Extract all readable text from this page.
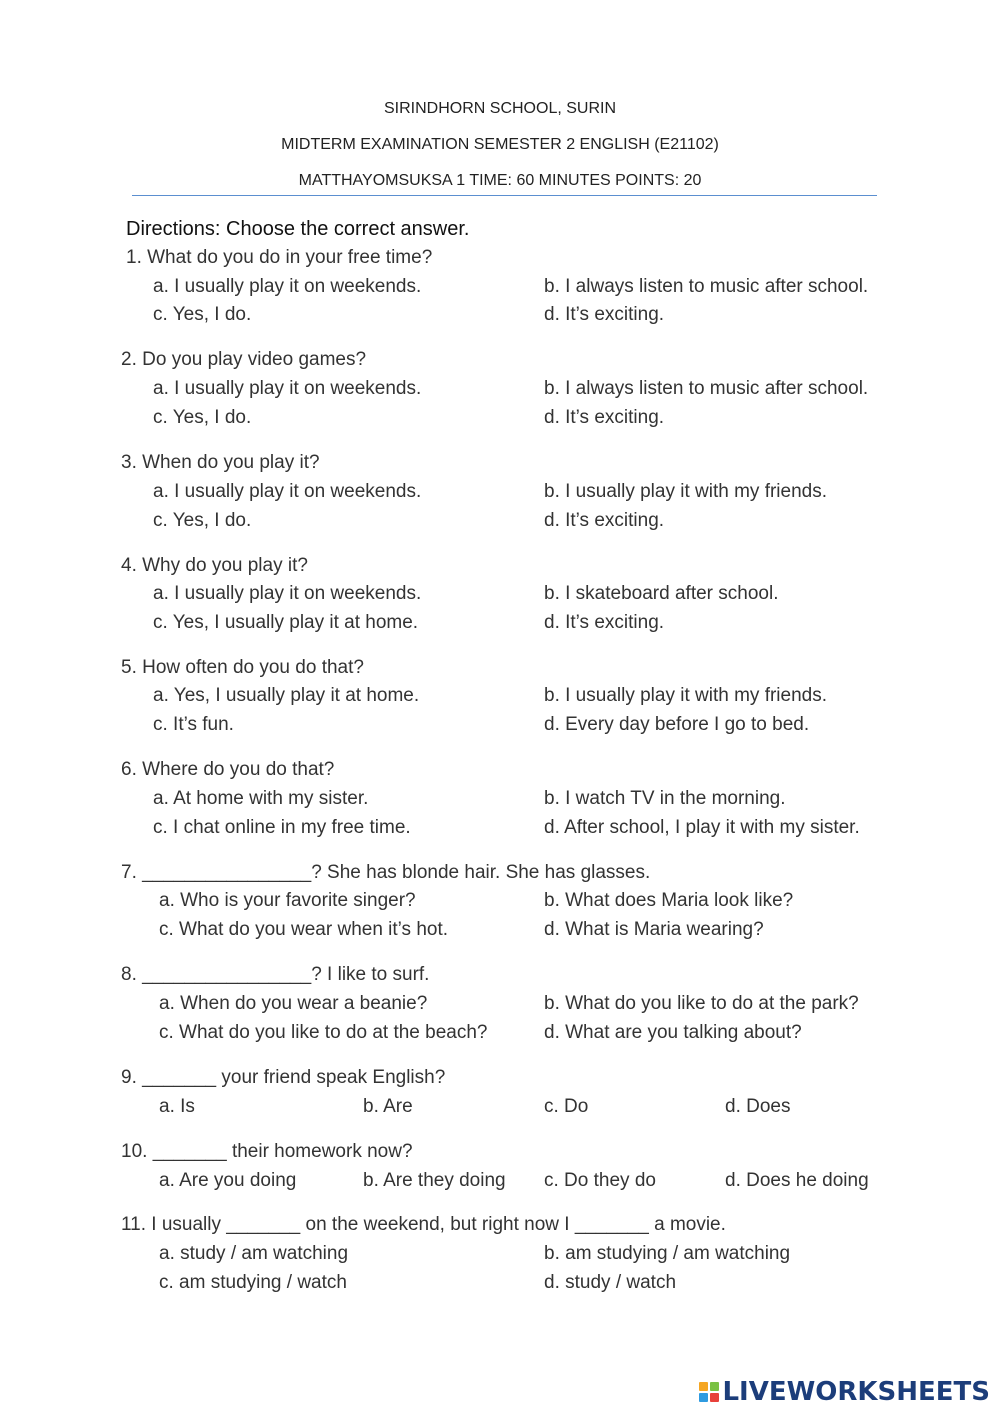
SIRINDHORN SCHOOL, SURIN
MIDTERM EXAMINATION SEMESTER 2 ENGLISH (E21102)
MATTHAYOMSUKSA 1 TIME: 60 MINUTES POINTS: 20
Directions: Choose the correct answer.
1. What do you do in your free time?
a. I usually play it on weekends.	b. I always listen to music after school.
c. Yes, I do.	d. It’s exciting.
2. Do you play video games?
a. I usually play it on weekends.	b. I always listen to music after school.
c. Yes, I do.	d. It’s exciting.
3. When do you play it?
a. I usually play it on weekends.	b. I usually play it with my friends.
c. Yes, I do.	d. It’s exciting.
4. Why do you play it?
a. I usually play it on weekends.	b. I skateboard after school.
c. Yes, I usually play it at home.	d. It’s exciting.
5. How often do you do that?
a. Yes, I usually play it at home.	b. I usually play it with my friends.
c. It’s fun.	d. Every day before I go to bed.
6. Where do you do that?
a. At home with my sister.	b. I watch TV in the morning.
c. I chat online in my free time.	d. After school, I play it with my sister.
7. ________________? She has blonde hair. She has glasses.
a. Who is your favorite singer?	b. What does Maria look like?
c. What do you wear when it’s hot.	d. What is Maria wearing?
8. ________________? I like to surf.
a. When do you wear a beanie?	b. What do you like to do at the park?
c. What do you like to do at the beach?	d. What are you talking about?
9. _______ your friend speak English?
a. Is	b. Are	c. Do	d. Does
10. _______ their homework now?
a. Are you doing	b. Are they doing c. Do they do	d. Does he doing
11. I usually _______ on the weekend, but right now I _______ a movie.
a. study / am watching	b. am studying / am watching
c. am studying / watch	d. study / watch
LIVEWORKSHEETS
